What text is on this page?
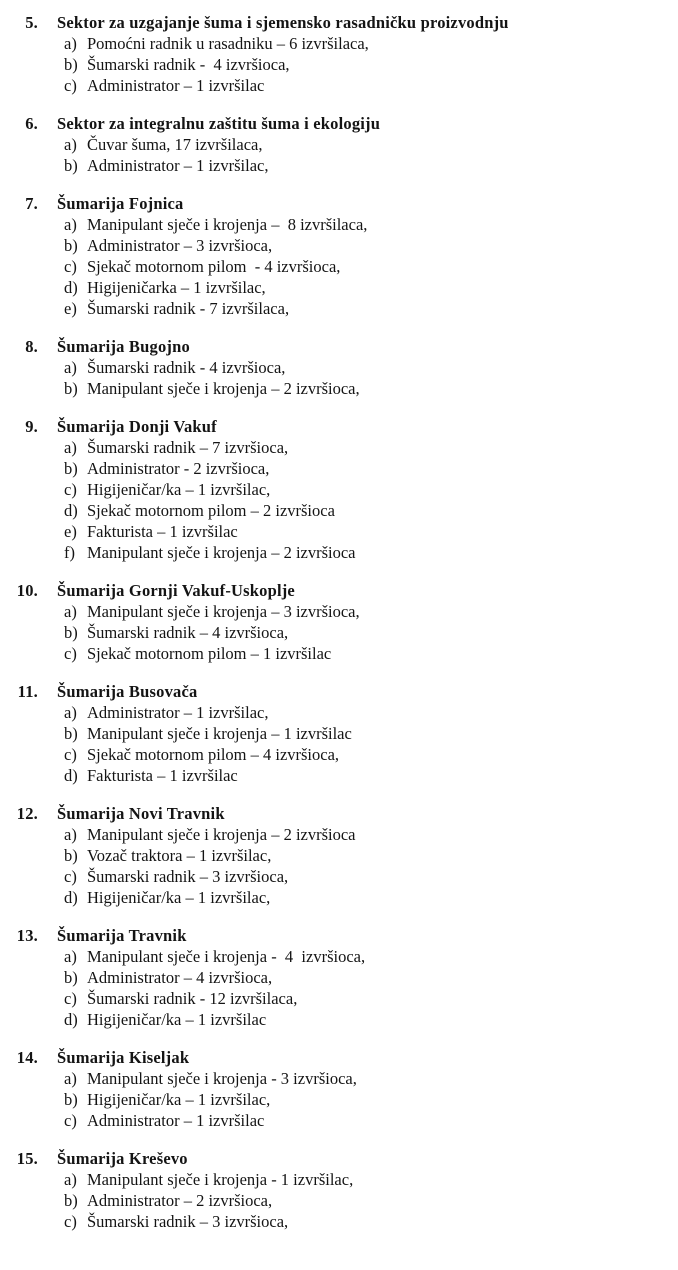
5.	Sektor za uzgajanje šuma i sjemensko rasadničku proizvodnju
a) Pomoćni radnik u rasadniku – 6 izvršilaca,
b) Šumarski radnik -  4 izvršioca,
c) Administrator – 1 izvršilac
6.	Sektor za integralnu zaštitu šuma i ekologiju
a) Čuvar šuma, 17 izvršilaca,
b) Administrator – 1 izvršilac,
7.	Šumarija Fojnica
a) Manipulant sječe i krojenja –  8 izvršilaca,
b) Administrator – 3 izvršioca,
c) Sjekač motornom pilom  - 4 izvršioca,
d) Higijeničarka – 1 izvršilac,
e) Šumarski radnik - 7 izvršilaca,
8.	Šumarija Bugojno
a) Šumarski radnik - 4 izvršioca,
b) Manipulant sječe i krojenja – 2 izvršioca,
9.	Šumarija Donji Vakuf
a) Šumarski radnik – 7 izvršioca,
b) Administrator - 2 izvršioca,
c) Higijeničar/ka – 1 izvršilac,
d) Sjekač motornom pilom – 2 izvršioca
e) Fakturista – 1 izvršilac
f) Manipulant sječe i krojenja – 2 izvršioca
10.	Šumarija Gornji Vakuf-Uskoplje
a) Manipulant sječe i krojenja – 3 izvršioca,
b) Šumarski radnik – 4 izvršioca,
c) Sjekač motornom pilom – 1 izvršilac
11.	Šumarija Busovača
a) Administrator – 1 izvršilac,
b) Manipulant sječe i krojenja – 1 izvršilac
c) Sjekač motornom pilom – 4 izvršioca,
d) Fakturista – 1 izvršilac
12.	Šumarija Novi Travnik
a) Manipulant sječe i krojenja – 2 izvršioca
b) Vozač traktora – 1 izvršilac,
c) Šumarski radnik – 3 izvršioca,
d) Higijeničar/ka – 1 izvršilac,
13.	Šumarija Travnik
a) Manipulant sječe i krojenja -  4  izvršioca,
b) Administrator – 4 izvršioca,
c) Šumarski radnik - 12 izvršilaca,
d) Higijeničar/ka – 1 izvršilac
14.	Šumarija Kiseljak
a) Manipulant sječe i krojenja - 3 izvršioca,
b) Higijeničar/ka – 1 izvršilac,
c) Administrator – 1 izvršilac
15.	Šumarija Kreševo
a) Manipulant sječe i krojenja - 1 izvršilac,
b) Administrator – 2 izvršioca,
c) Šumarski radnik – 3 izvršioca,
